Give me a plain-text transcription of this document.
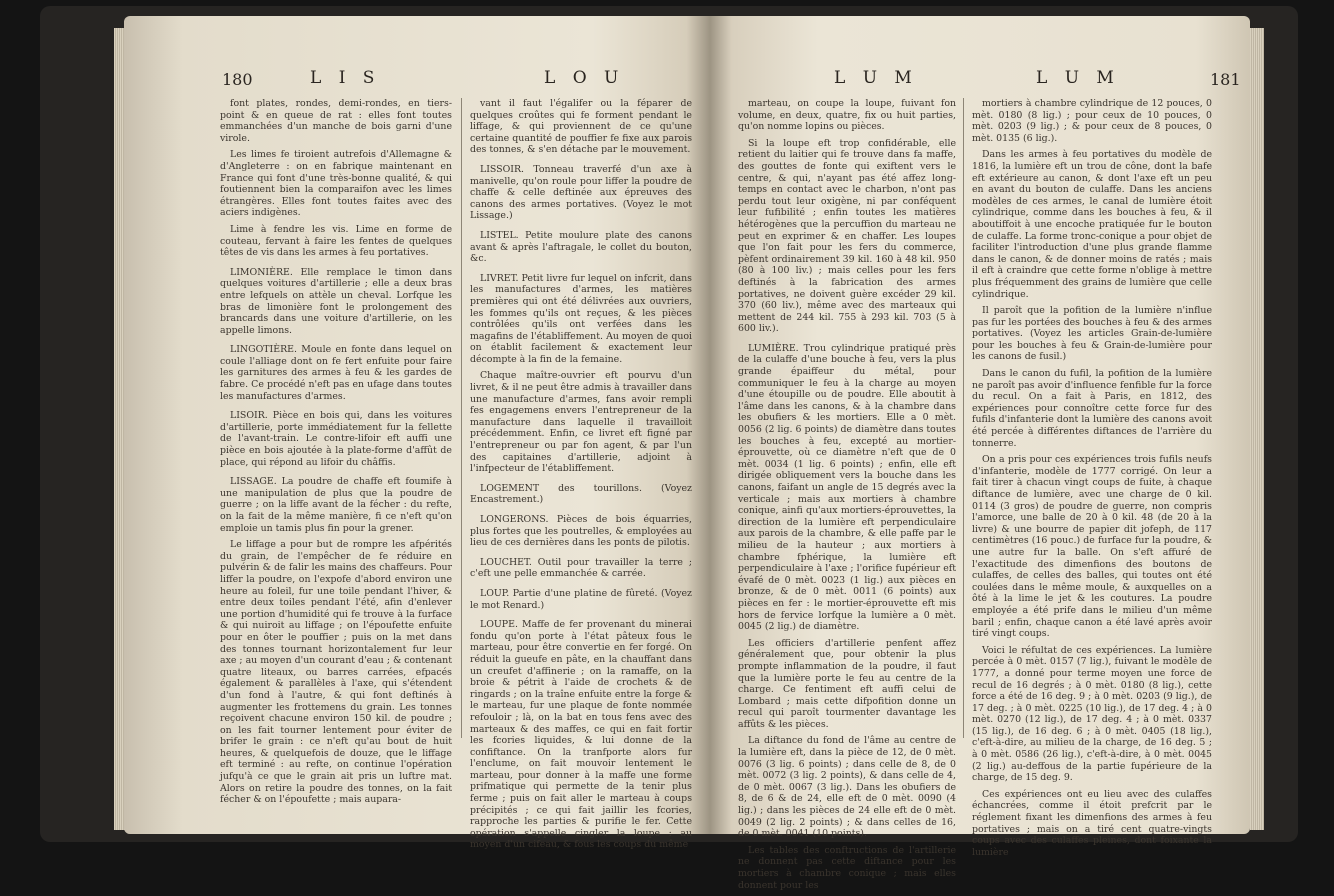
180	L I S	L O U

font plates, rondes, demi-rondes, en tiers-point & en queue de rat : elles font toutes emmanchées d'un manche de bois garni d'une virole.

Les limes fe tiroient autrefois d'Allemagne & d'Angleterre : on en fabrique maintenant en France qui font d'une très-bonne qualité, & qui foutiennent bien la comparaifon avec les limes étrangères. Elles font toutes faites avec des aciers indigènes.

Lime à fendre les vis. Lime en forme de couteau, fervant à faire les fentes de quelques têtes de vis dans les armes à feu portatives.

LIMONIÈRE. Elle remplace le timon dans quelques voitures d'artillerie ; elle a deux bras entre lefquels on attèle un cheval. Lorfque les bras de limonière font le prolongement des brancards dans une voiture d'artillerie, on les appelle limons.

LINGOTIÈRE. Moule en fonte dans lequel on coule l'alliage dont on fe fert enfuite pour faire les garnitures des armes à feu & les gardes de fabre. Ce procédé n'eft pas en ufage dans toutes les manufactures d'armes.

LISOIR. Pièce en bois qui, dans les voitures d'artillerie, porte immédiatement fur la fellette de l'avant-train. Le contre-lifoir eft auffi une pièce en bois ajoutée à la plate-forme d'affût de place, qui répond au lifoir du châffis.

LISSAGE. La poudre de chaffe eft foumife à une manipulation de plus que la poudre de guerre ; on la liffe avant de la fécher : du refte, on la fait de la même manière, fi ce n'eft qu'on emploie un tamis plus fin pour la grener.

Le liffage a pour but de rompre les afpérités du grain, de l'empêcher de fe réduire en pulvérin & de falir les mains des chaffeurs. Pour liffer la poudre, on l'expofe d'abord environ une heure au foleil, fur une toile pendant l'hiver, & entre deux toiles pendant l'été, afin d'enlever une portion d'humidité qui fe trouve à la furface & qui nuiroit au liffage ; on l'époufette enfuite pour en ôter le pouffier ; puis on la met dans des tonnes tournant horizontalement fur leur axe ; au moyen d'un courant d'eau ; & contenant quatre liteaux, ou barres carrées, efpacés également & parallèles à l'axe, qui s'étendent d'un fond à l'autre, & qui font deftinés à augmenter les frottemens du grain. Les tonnes reçoivent chacune environ 150 kil. de poudre ; on les fait tourner lentement pour éviter de brifer le grain : ce n'eft qu'au bout de huit heures, & quelquefois de douze, que le liffage eft terminé : au refte, on continue l'opération jufqu'à ce que le grain ait pris un luftre mat. Alors on retire la poudre des tonnes, on la fait fécher & on l'époufette ; mais aupara-

vant il faut l'égalifer ou la féparer de quelques croûtes qui fe forment pendant le liffage, & qui proviennent de ce qu'une certaine quantité de pouffier fe fixe aux parois des tonnes, & s'en détache par le mouvement.

LISSOIR. Tonneau traverfé d'un axe à manivelle, qu'on roule pour liffer la poudre de chaffe & celle deftinée aux épreuves des canons des armes portatives. (Voyez le mot Lissage.)

LISTEL. Petite moulure plate des canons avant & après l'aftragale, le collet du bouton, &c.

LIVRET. Petit livre fur lequel on infcrit, dans les manufactures d'armes, les matières premières qui ont été délivrées aux ouvriers, les fommes qu'ils ont reçues, & les pièces contrôlées qu'ils ont verfées dans les magafins de l'établiffement. Au moyen de quoi on établit facilement & exactement leur décompte à la fin de la femaine.

Chaque maître-ouvrier eft pourvu d'un livret, & il ne peut être admis à travailler dans une manufacture d'armes, fans avoir rempli fes engagemens envers l'entrepreneur de la manufacture dans laquelle il travailloit précédemment. Enfin, ce livret eft figné par l'entrepreneur ou par fon agent, & par l'un des capitaines d'artillerie, adjoint à l'infpecteur de l'établiffement.

LOGEMENT des tourillons. (Voyez Encastrement.)

LONGERONS. Pièces de bois équarries, plus fortes que les poutrelles, & employées au lieu de ces dernières dans les ponts de pilotis.

LOUCHET. Outil pour travailler la terre ; c'eft une pelle emmanchée & carrée.

LOUP. Partie d'une platine de fûreté. (Voyez le mot Renard.)

LOUPE. Maffe de fer provenant du minerai fondu qu'on porte à l'état pâteux fous le marteau, pour être convertie en fer forgé. On réduit la gueufe en pâte, en la chauffant dans un creufet d'affinerie ; on la ramaffe, on la broie & pétrit à l'aide de crochets & de ringards ; on la traîne enfuite entre la forge & le marteau, fur une plaque de fonte nommée refouloir ; là, on la bat en tous fens avec des marteaux & des maffes, ce qui en fait fortir les fcories liquides, & lui donne de la confiftance. On la tranfporte alors fur l'enclume, on fait mouvoir lentement le marteau, pour donner à la maffe une forme prifmatique qui permette de la tenir plus ferme ; puis on fait aller le marteau à coups précipités ; ce qui fait jaillir les fcories, rapproche les parties & purifie le fer. Cette opération s'appelle cingler la loupe : au moyen d'un cifeau, & fous les coups du même

L U M	L U M	181

marteau, on coupe la loupe, fuivant fon volume, en deux, quatre, fix ou huit parties, qu'on nomme lopins ou pièces.

Si la loupe eft trop confidérable, elle retient du laitier qui fe trouve dans fa maffe, des gouttes de fonte qui exiftent vers le centre, & qui, n'ayant pas été affez long-temps en contact avec le charbon, n'ont pas perdu tout leur oxigène, ni par conféquent leur fufibilité ; enfin toutes les matières hétérogènes que la percuffion du marteau ne peut en exprimer & en chaffer. Les loupes que l'on fait pour les fers du commerce, pèfent ordinairement 39 kil. 160 à 48 kil. 950 (80 à 100 liv.) ; mais celles pour les fers deftinés à la fabrication des armes portatives, ne doivent guère excéder 29 kil. 370 (60 liv.), même avec des marteaux qui mettent de 244 kil. 755 à 293 kil. 703 (5 à 600 liv.).

LUMIÈRE. Trou cylindrique pratiqué près de la culaffe d'une bouche à feu, vers la plus grande épaiffeur du métal, pour communiquer le feu à la charge au moyen d'une étoupille ou de poudre. Elle aboutit à l'âme dans les canons, & à la chambre dans les obufiers & les mortiers. Elle a 0 mèt. 0056 (2 lig. 6 points) de diamètre dans toutes les bouches à feu, excepté au mortier-éprouvette, où ce diamètre n'eft que de 0 mèt. 0034 (1 lig. 6 points) ; enfin, elle eft dirigée obliquement vers la bouche dans les canons, faifant un angle de 15 degrés avec la verticale ; mais aux mortiers à chambre conique, ainfi qu'aux mortiers-éprouvettes, la direction de la lumière eft perpendiculaire aux parois de la chambre, & elle paffe par le milieu de la hauteur ; aux mortiers à chambre fphérique, la lumière eft perpendiculaire à l'axe ; l'orifice fupérieur eft évafé de 0 mèt. 0023 (1 lig.) aux pièces en bronze, & de 0 mèt. 0011 (6 points) aux pièces en fer : le mortier-éprouvette eft mis hors de fervice lorfque la lumière a 0 mèt. 0045 (2 lig.) de diamètre.

Les officiers d'artillerie penfent affez généralement que, pour obtenir la plus prompte inflammation de la poudre, il faut que la lumière porte le feu au centre de la charge. Ce fentiment eft auffi celui de Lombard ; mais cette difpofition donne un recul qui paroît tourmenter davantage les affûts & les pièces.

La diftance du fond de l'âme au centre de la lumière eft, dans la pièce de 12, de 0 mèt. 0076 (3 lig. 6 points) ; dans celle de 8, de 0 mèt. 0072 (3 lig. 2 points), & dans celle de 4, de 0 mèt. 0067 (3 lig.). Dans les obufiers de 8, de 6 & de 24, elle eft de 0 mèt. 0090 (4 lig.) ; dans les pièces de 24 elle eft de 0 mèt. 0049 (2 lig. 2 points) ; & dans celles de 16, de 0 mèt. 0041 (10 points).

Les tables des conftructions de l'artillerie ne donnent pas cette diftance pour les mortiers à chambre conique ; mais elles donnent pour les

mortiers à chambre cylindrique de 12 pouces, 0 mèt. 0180 (8 lig.) ; pour ceux de 10 pouces, 0 mèt. 0203 (9 lig.) ; & pour ceux de 8 pouces, 0 mèt. 0135 (6 lig.).

Dans les armes à feu portatives du modèle de 1816, la lumière eft un trou de cône, dont la bafe eft extérieure au canon, & dont l'axe eft un peu en avant du bouton de culaffe. Dans les anciens modèles de ces armes, le canal de lumière étoit cylindrique, comme dans les bouches à feu, & il aboutiffoit à une encoche pratiquée fur le bouton de culaffe. La forme tronc-conique a pour objet de faciliter l'introduction d'une plus grande flamme dans le canon, & de donner moins de ratés ; mais il eft à craindre que cette forme n'oblige à mettre plus fréquemment des grains de lumière que celle cylindrique.

Il paroît que la pofition de la lumière n'influe pas fur les portées des bouches à feu & des armes portatives. (Voyez les articles Grain-de-lumière pour les bouches à feu & Grain-de-lumière pour les canons de fusil.)

Dans le canon du fufil, la pofition de la lumière ne paroît pas avoir d'influence fenfible fur la force du recul. On a fait à Paris, en 1812, des expériences pour connoître cette force fur des fufils d'infanterie dont la lumière des canons avoit été percée à différentes diftances de l'arrière du tonnerre.

On a pris pour ces expériences trois fufils neufs d'infanterie, modèle de 1777 corrigé. On leur a fait tirer à chacun vingt coups de fuite, à chaque diftance de lumière, avec une charge de 0 kil. 0114 (3 gros) de poudre de guerre, non compris l'amorce, une balle de 20 à 0 kil. 48 (de 20 à la livre) & une bourre de papier dit jofeph, de 117 centimètres (16 pouc.) de furface fur la poudre, & une autre fur la balle. On s'eft affuré de l'exactitude des dimenfions des boutons de culaffes, de celles des balles, qui toutes ont été coulées dans le même moule, & auxquelles on a ôté à la lime le jet & les coutures. La poudre employée a été prife dans le milieu d'un même baril ; enfin, chaque canon a été lavé après avoir tiré vingt coups.

Voici le réfultat de ces expériences. La lumière percée à 0 mèt. 0157 (7 lig.), fuivant le modèle de 1777, a donné pour terme moyen une force de recul de 16 degrés ; à 0 mèt. 0180 (8 lig.), cette force a été de 16 deg. 9 ; à 0 mèt. 0203 (9 lig.), de 17 deg. ; à 0 mèt. 0225 (10 lig.), de 17 deg. 4 ; à 0 mèt. 0270 (12 lig.), de 17 deg. 4 ; à 0 mèt. 0337 (15 lig.), de 16 deg. 6 ; à 0 mèt. 0405 (18 lig.), c'eft-à-dire, au milieu de la charge, de 16 deg. 5 ; à 0 mèt. 0586 (26 lig.), c'eft-à-dire, à 0 mèt. 0045 (2 lig.) au-deffous de la partie fupérieure de la charge, de 15 deg. 9.

Ces expériences ont eu lieu avec des culaffes échancrées, comme il étoit prefcrit par le réglement fixant les dimenfions des armes à feu portatives ; mais on a tiré cent quatre-vingts coups avec des culaffes pleines, dont foixante la lumière
